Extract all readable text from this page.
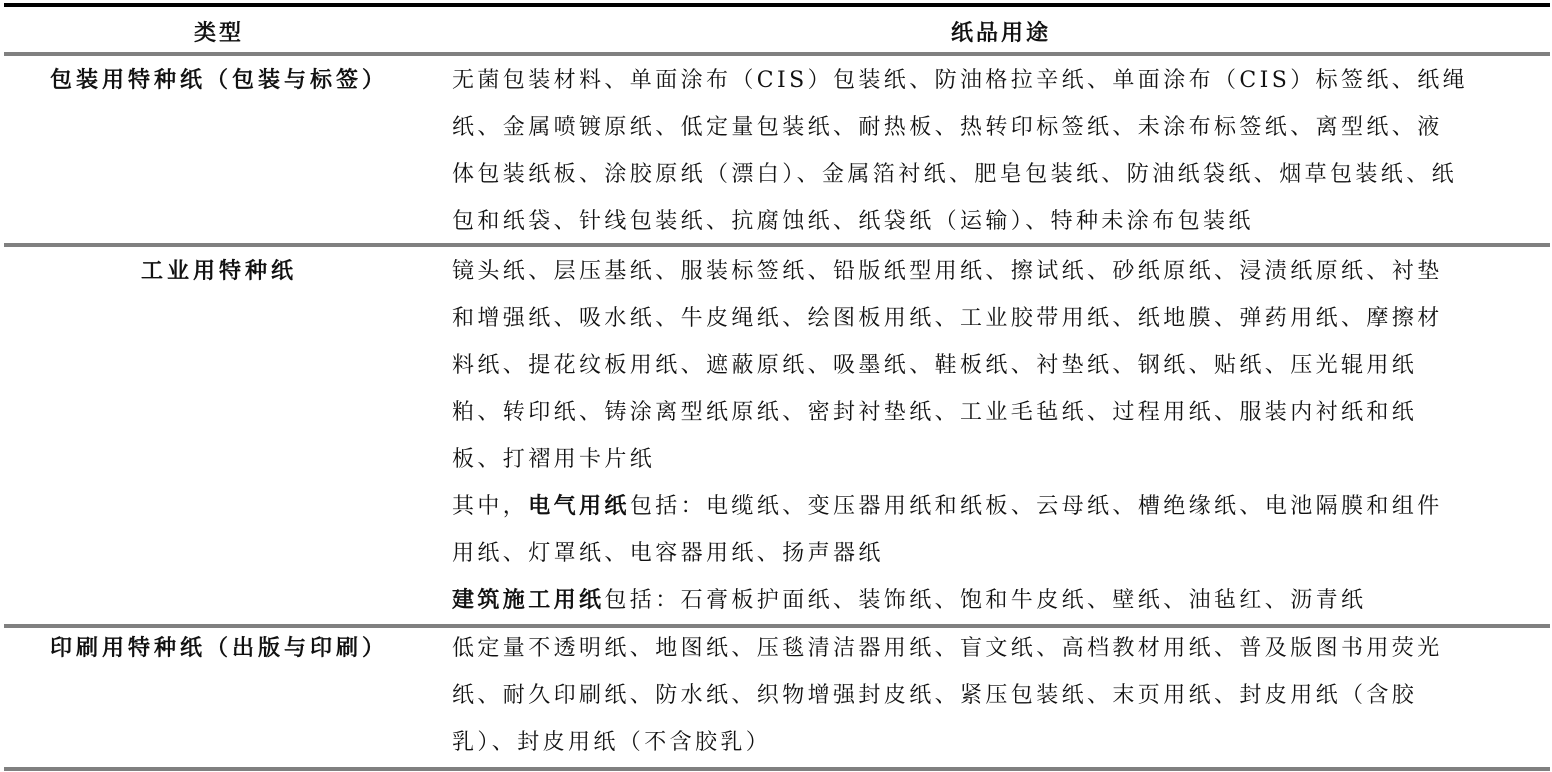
类型	纸品用途
包装用特种纸（包装与标签）	无菌包装材料、单面涂布（CIS）包装纸、防油格拉辛纸、单面涂布（CIS）标签纸、纸绳
纸、金属喷镀原纸、低定量包装纸、耐热板、热转印标签纸、未涂布标签纸、离型纸、液
体包装纸板、涂胶原纸（漂白）、金属箔衬纸、肥皂包装纸、防油纸袋纸、烟草包装纸、纸
包和纸袋、针线包装纸、抗腐蚀纸、纸袋纸（运输）、特种未涂布包装纸
工业用特种纸	镜头纸、层压基纸、服装标签纸、铅版纸型用纸、擦试纸、砂纸原纸、浸渍纸原纸、衬垫
和增强纸、吸水纸、牛皮绳纸、绘图板用纸、工业胶带用纸、纸地膜、弹药用纸、摩擦材
料纸、提花纹板用纸、遮蔽原纸、吸墨纸、鞋板纸、衬垫纸、钢纸、贴纸、压光辊用纸
粕、转印纸、铸涂离型纸原纸、密封衬垫纸、工业毛毡纸、过程用纸、服装内衬纸和纸
板、打褶用卡片纸
其中，电气用纸包括：电缆纸、变压器用纸和纸板、云母纸、槽绝缘纸、电池隔膜和组件
用纸、灯罩纸、电容器用纸、扬声器纸
建筑施工用纸包括：石膏板护面纸、装饰纸、饱和牛皮纸、壁纸、油毡红、沥青纸
印刷用特种纸（出版与印刷）	低定量不透明纸、地图纸、压毯清洁器用纸、盲文纸、高档教材用纸、普及版图书用荧光
纸、耐久印刷纸、防水纸、织物增强封皮纸、紧压包装纸、末页用纸、封皮用纸（含胶
乳）、封皮用纸（不含胶乳）
